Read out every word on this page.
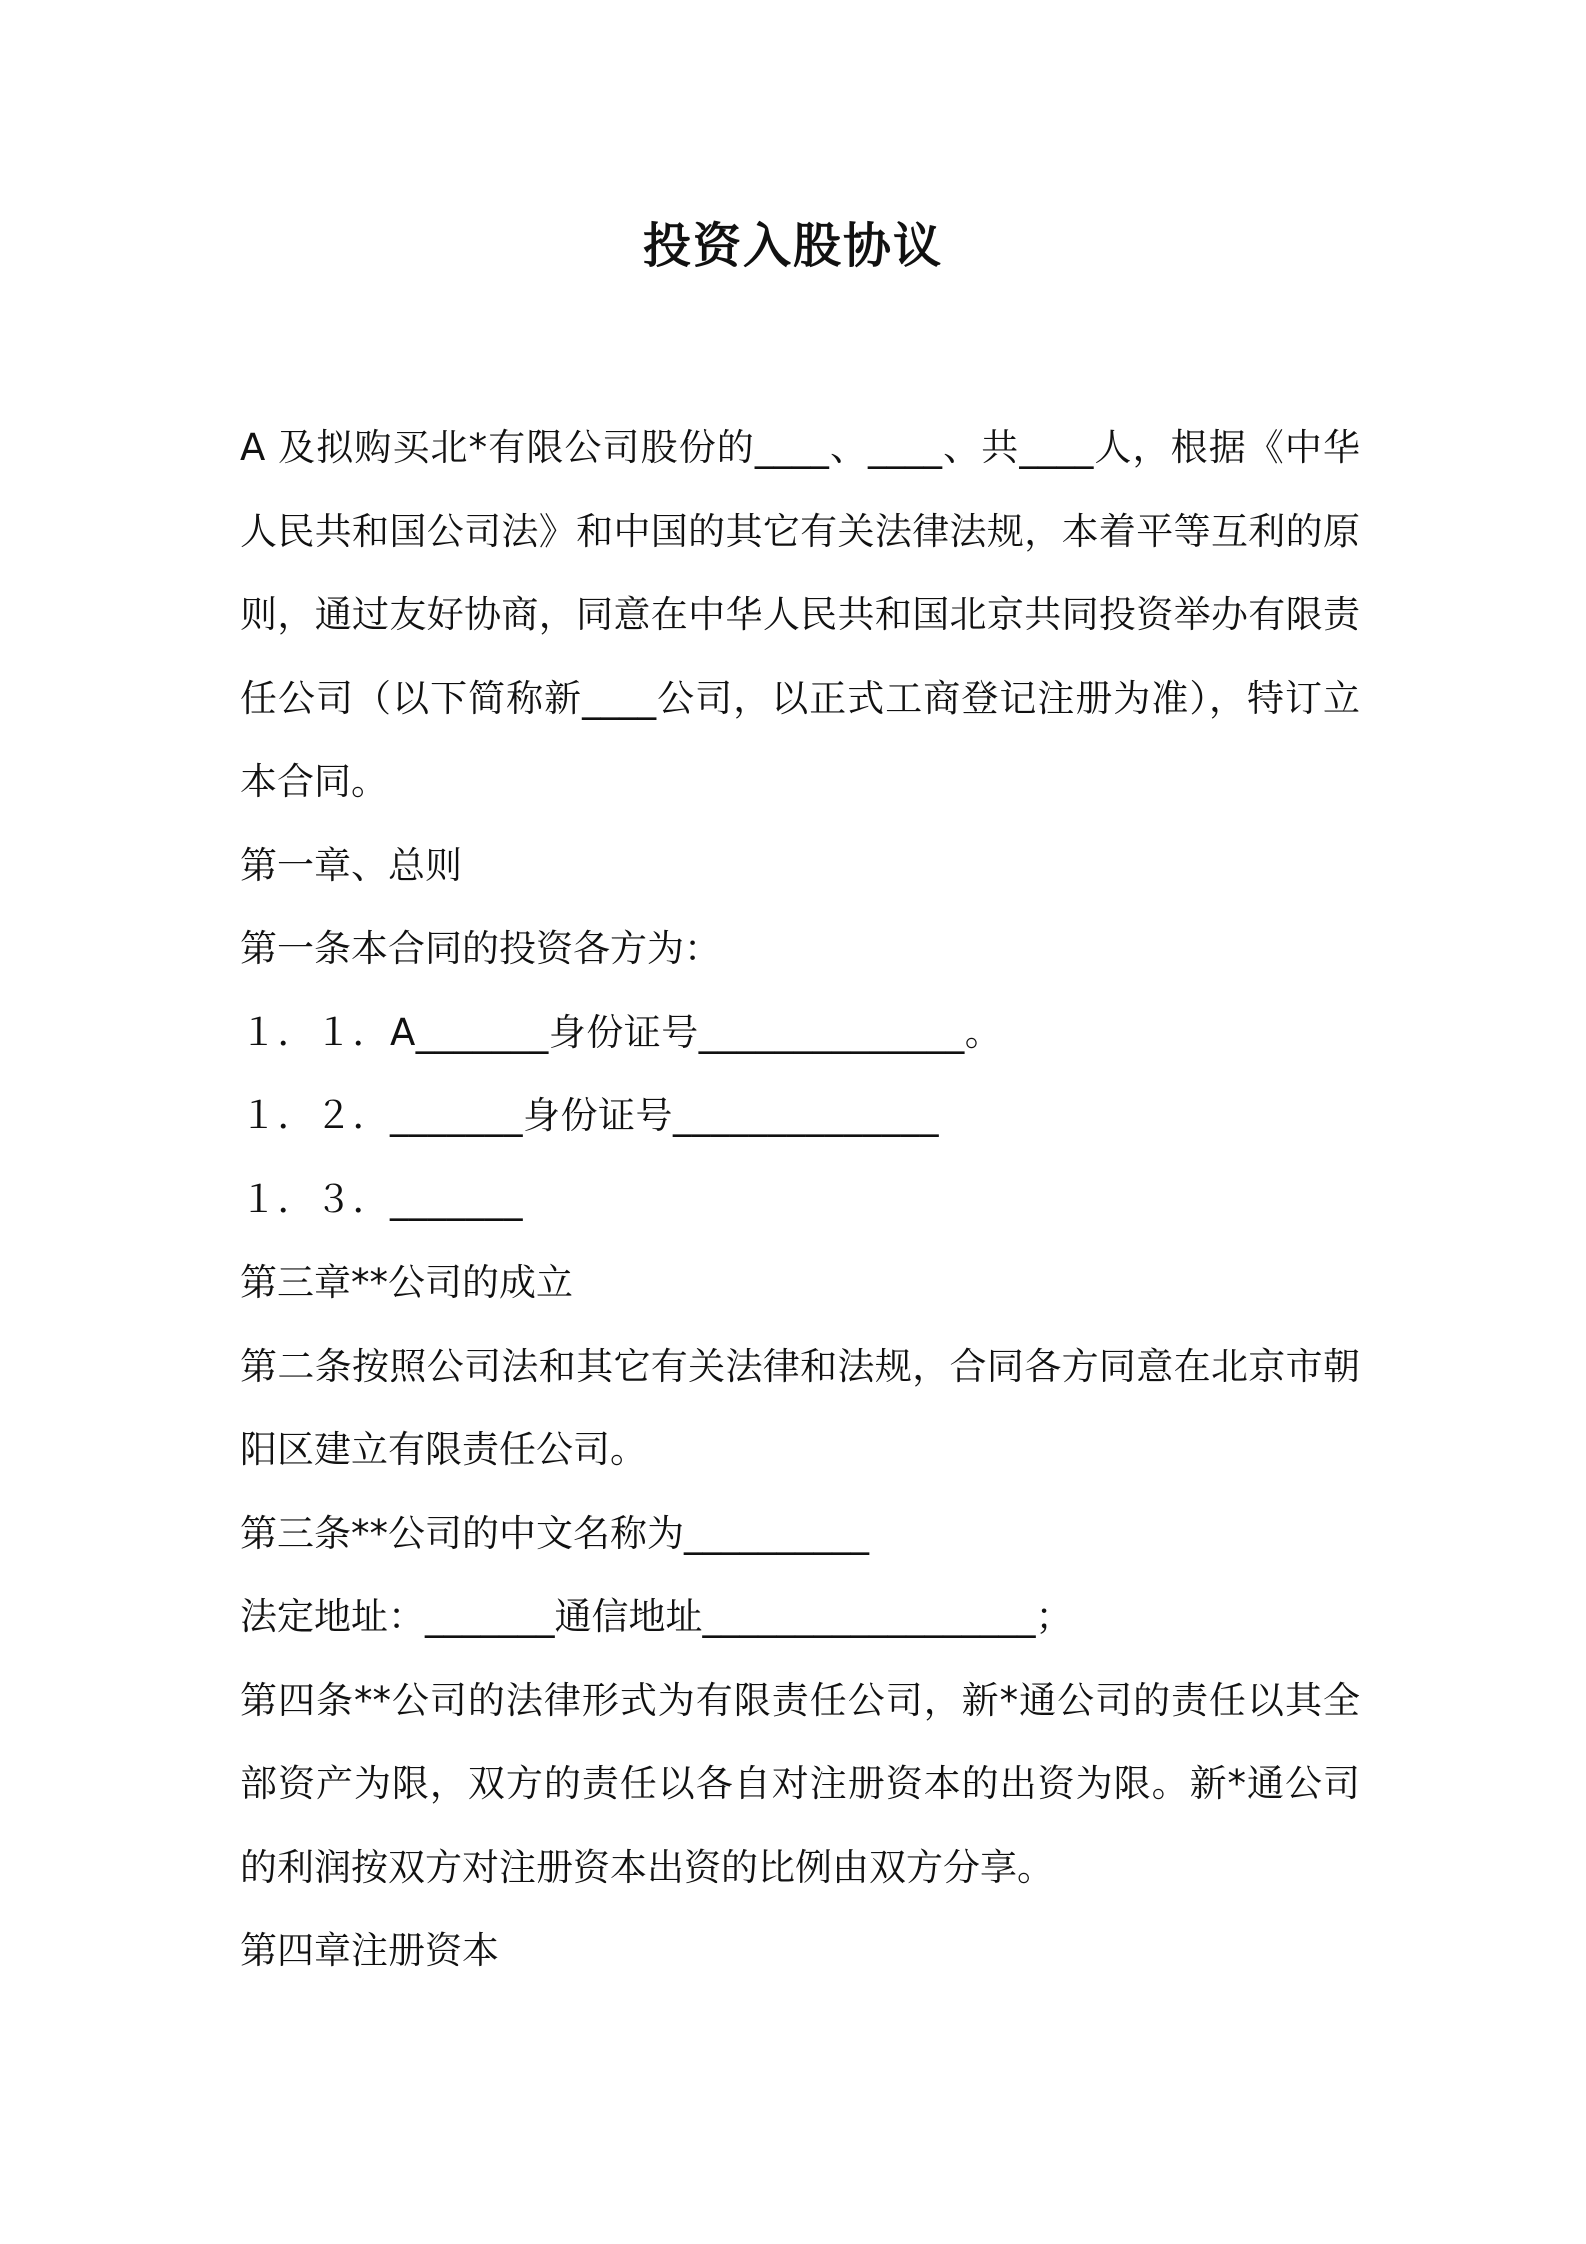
投资入股协议

A 及拟购买北*有限公司股份的____、____、共____人，根据《中华人民共和国公司法》和中国的其它有关法律法规，本着平等互利的原则，通过友好协商，同意在中华人民共和国北京共同投资举办有限责任公司（以下简称新____公司，以正式工商登记注册为准），特订立本合同。

第一章、总则

第一条本合同的投资各方为：

１．１．A_______身份证号______________。

１．２．_______身份证号______________

１．３．_______

第三章**公司的成立

第二条按照公司法和其它有关法律和法规，合同各方同意在北京市朝阳区建立有限责任公司。

第三条**公司的中文名称为__________

法定地址：_______通信地址__________________；

第四条**公司的法律形式为有限责任公司，新*通公司的责任以其全部资产为限，双方的责任以各自对注册资本的出资为限。新*通公司的利润按双方对注册资本出资的比例由双方分享。

第四章注册资本
